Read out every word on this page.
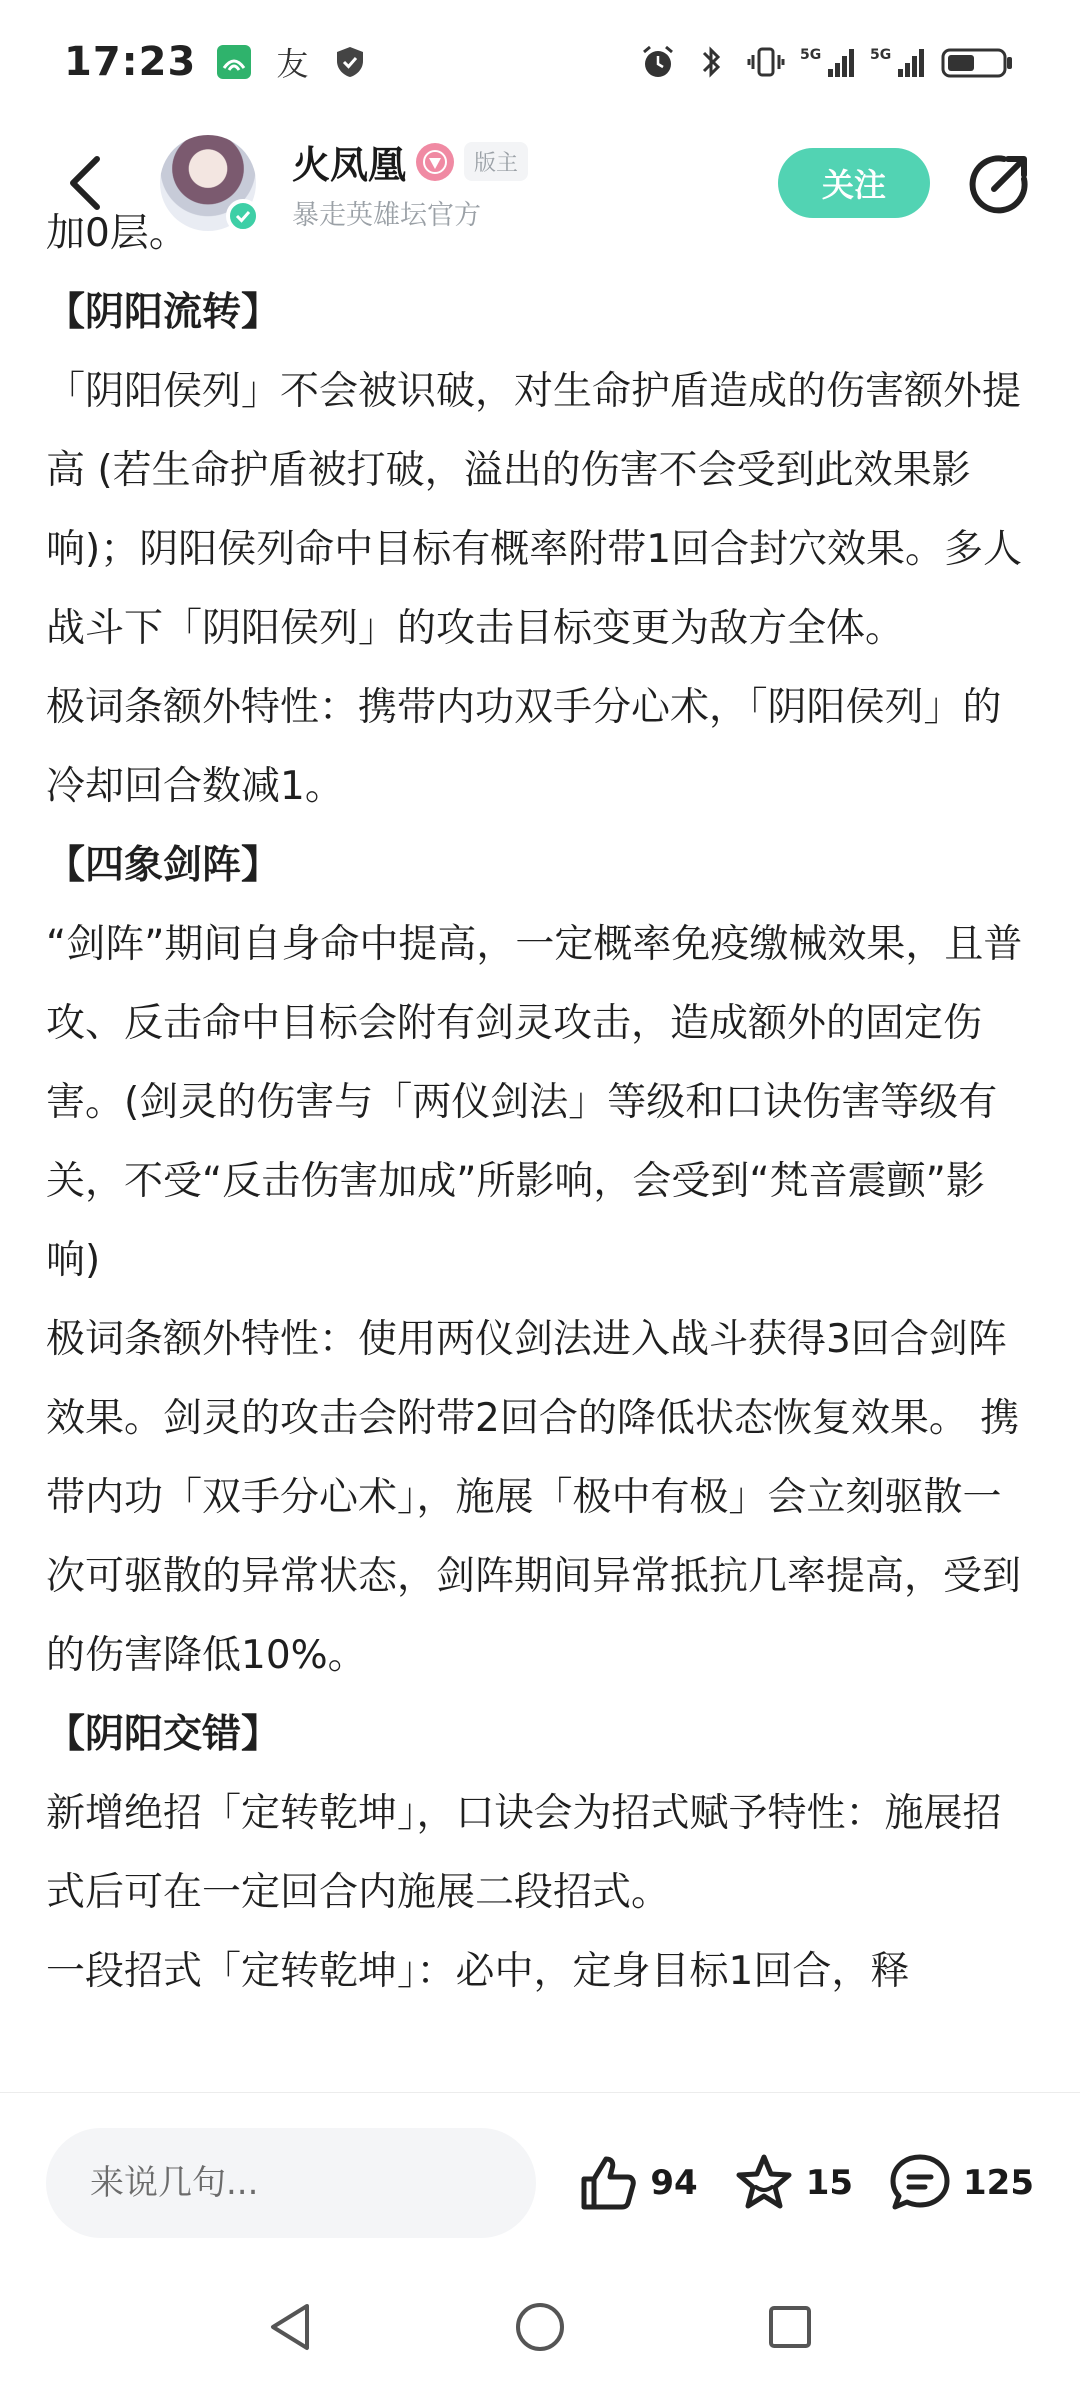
17:23 友	5G	5G
火凤凰	版主
暴走英雄坛官方
关注

加0层。

【阴阳流转】

「阴阳侯列」不会被识破，对生命护盾造成的伤害额外提高 (若生命护盾被打破，溢出的伤害不会受到此效果影响)；阴阳侯列命中目标有概率附带1回合封穴效果。多人战斗下「阴阳侯列」的攻击目标变更为敌方全体。

极词条额外特性：携带内功双手分心术，「阴阳侯列」的冷却回合数减1。

【四象剑阵】

“剑阵”期间自身命中提高，一定概率免疫缴械效果，且普攻、反击命中目标会附有剑灵攻击，造成额外的固定伤害。(剑灵的伤害与「两仪剑法」等级和口诀伤害等级有关，不受“反击伤害加成”所影响，会受到“梵音震颤”影响)

极词条额外特性：使用两仪剑法进入战斗获得3回合剑阵效果。剑灵的攻击会附带2回合的降低状态恢复效果。 携带内功「双手分心术」，施展「极中有极」会立刻驱散一次可驱散的异常状态，剑阵期间异常抵抗几率提高，受到的伤害降低10%。

【阴阳交错】

新增绝招「定转乾坤」，口诀会为招式赋予特性：施展招式后可在一定回合内施展二段招式。

一段招式「定转乾坤」：必中，定身目标1回合，释

来说几句...
94	15	125
